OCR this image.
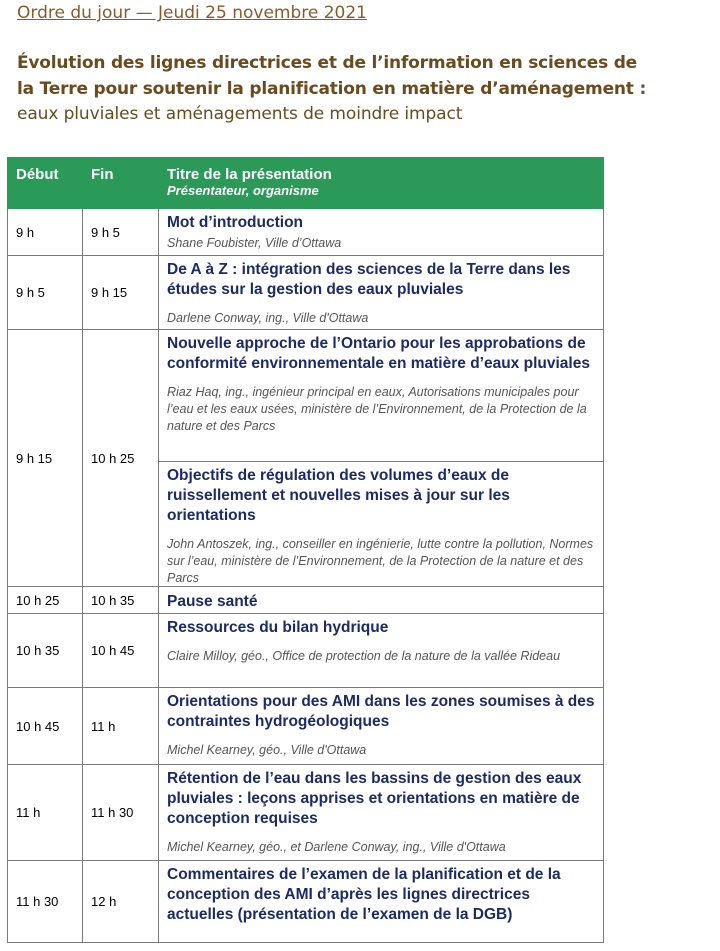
Ordre du jour — Jeudi 25 novembre 2021
Évolution des lignes directrices et de l’information en sciences de
la Terre pour soutenir la planification en matière d’aménagement :
eaux pluviales et aménagements de moindre impact
Début	Fin	Titre de la présentation
Présentateur, organisme

9 h	9 h 5	Mot d’introduction
Shane Foubister, Ville d’Ottawa

9 h 5	9 h 15	De A à Z : intégration des sciences de la Terre dans les études sur la gestion des eaux pluviales
Darlene Conway, ing., Ville d'Ottawa

9 h 15	10 h 25	Nouvelle approche de l’Ontario pour les approbations de conformité environnementale en matière d’eaux pluviales
Riaz Haq, ing., ingénieur principal en eaux, Autorisations municipales pour l’eau et les eaux usées, ministère de l’Environnement, de la Protection de la nature et des Parcs
Objectifs de régulation des volumes d’eaux de ruissellement et nouvelles mises à jour sur les orientations
John Antoszek, ing., conseiller en ingénierie, lutte contre la pollution, Normes sur l’eau, ministère de l’Environnement, de la Protection de la nature et des Parcs

10 h 25	10 h 35	Pause santé

10 h 35	10 h 45	Ressources du bilan hydrique
Claire Milloy, géo., Office de protection de la nature de la vallée Rideau

10 h 45	11 h	Orientations pour des AMI dans les zones soumises à des contraintes hydrogéologiques
Michel Kearney, géo., Ville d'Ottawa

11 h	11 h 30	Rétention de l’eau dans les bassins de gestion des eaux pluviales : leçons apprises et orientations en matière de conception requises
Michel Kearney, géo., et Darlene Conway, ing., Ville d'Ottawa

11 h 30	12 h	Commentaires de l’examen de la planification et de la conception des AMI d’après les lignes directrices actuelles (présentation de l’examen de la DGB)
